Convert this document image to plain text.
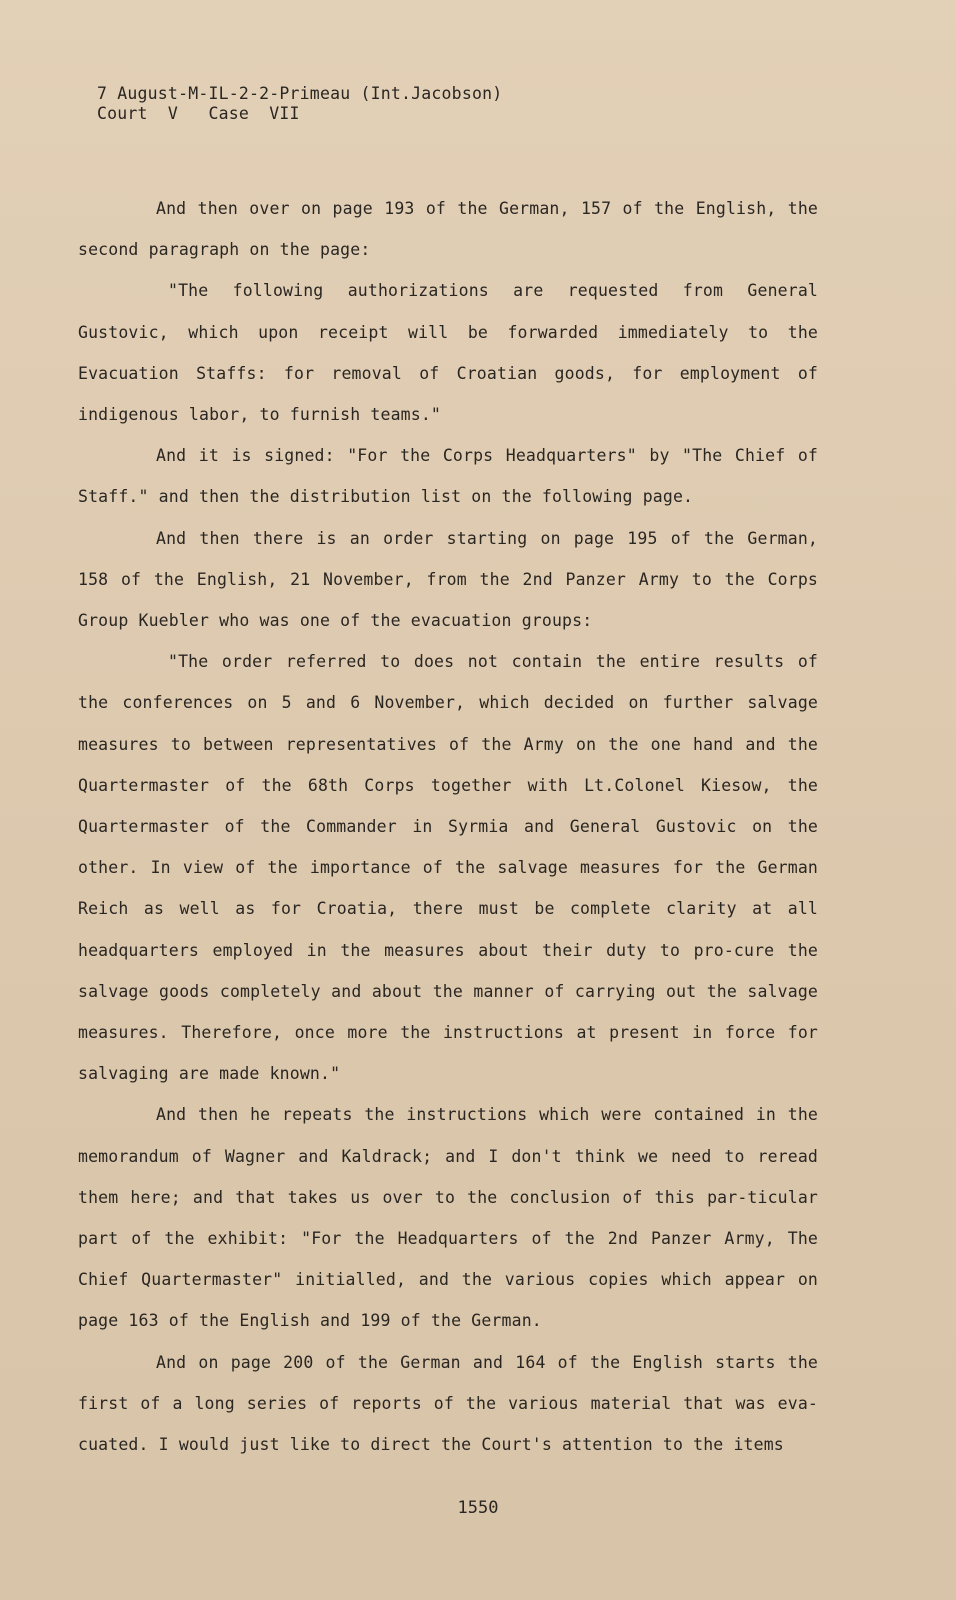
7 August-M-IL-2-2-Primeau (Int.Jacobson)
Court  V   Case  VII

And then over on page 193 of the German, 157 of the English, the second paragraph on the page:

"The following authorizations are requested from General Gustovic, which upon receipt will be forwarded immediately to the Evacuation Staffs: for removal of Croatian goods, for employment of indigenous labor, to furnish teams."

And it is signed: "For the Corps Headquarters" by "The Chief of Staff." and then the distribution list on the following page.

And then there is an order starting on page 195 of the German, 158 of the English, 21 November, from the 2nd Panzer Army to the Corps Group Kuebler who was one of the evacuation groups:

"The order referred to does not contain the entire results of the conferences on 5 and 6 November, which decided on further salvage measures to between representatives of the Army on the one hand and the Quartermaster of the 68th Corps together with Lt.Colonel Kiesow, the Quartermaster of the Commander in Syrmia and General Gustovic on the other. In view of the importance of the salvage measures for the German Reich as well as for Croatia, there must be complete clarity at all headquarters employed in the measures about their duty to pro-cure the salvage goods completely and about the manner of carrying out the salvage measures. Therefore, once more the instructions at present in force for salvaging are made known."

And then he repeats the instructions which were contained in the memorandum of Wagner and Kaldrack; and I don't think we need to reread them here; and that takes us over to the conclusion of this par-ticular part of the exhibit: "For the Headquarters of the 2nd Panzer Army, The Chief Quartermaster" initialled, and the various copies which appear on page 163 of the English and 199 of the German.

And on page 200 of the German and 164 of the English starts the first of a long series of reports of the various material that was eva-cuated. I would just like to direct the Court's attention to the items

1550
